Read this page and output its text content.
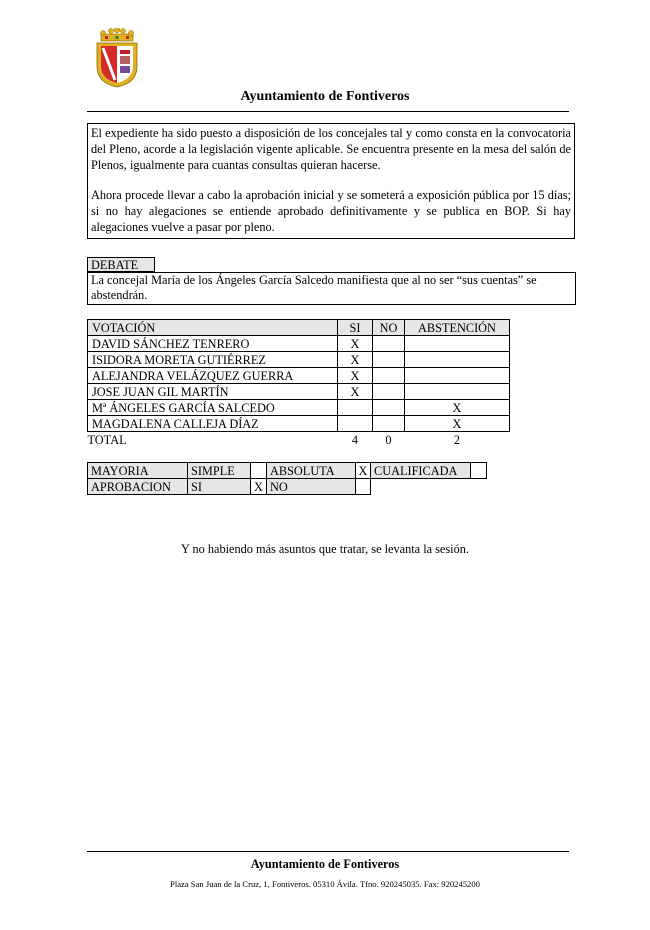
Ayuntamiento de Fontiveros

El expediente ha sido puesto a disposición de los concejales tal y como consta en la convocatoria del Pleno, acorde a la legislación vigente aplicable. Se encuentra presente en la mesa del salón de Plenos, igualmente para cuantas consultas quieran hacerse.

Ahora procede llevar a cabo la aprobación inicial y se someterá a exposición pública por 15 días; si no hay alegaciones se entiende aprobado definitivamente y se publica en BOP. Si hay alegaciones vuelve a pasar por pleno.

DEBATE
La concejal María de los Ángeles García Salcedo manifiesta que al no ser “sus cuentas” se abstendrán.
VOTACIÓN	SI	NO	ABSTENCIÓN
DAVID SÁNCHEZ TENRERO	X		
ISIDORA MORETA GUTIÉRREZ	X		
ALEJANDRA VELÁZQUEZ GUERRA	X		
JOSE JUAN GIL MARTÍN	X		
Mª ÁNGELES GARCÍA SALCEDO			X
MAGDALENA CALLEJA DÍAZ			X
TOTAL	4	0	2
MAYORIA	SIMPLE		ABSOLUTA	X	CUALIFICADA	
APROBACION	SI	X	NO			
Y no habiendo más asuntos que tratar, se levanta la sesión.
Ayuntamiento de Fontiveros
Plaza San Juan de la Cruz, 1, Fontiveros. 05310 Ávila. Tfno. 920245035. Fax: 920245200
